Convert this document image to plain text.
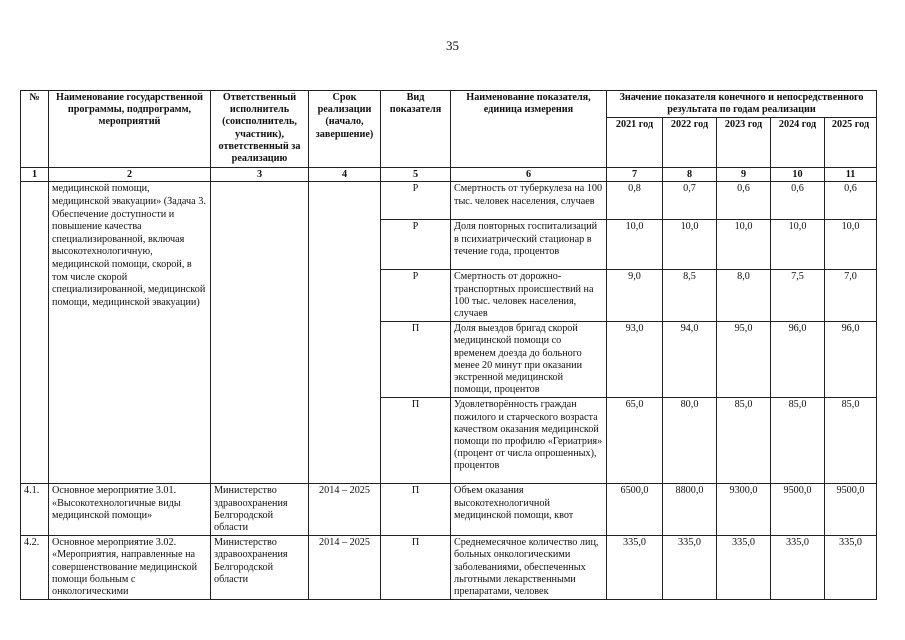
35
№	Наименование государственной программы, подпрограмм, мероприятий	Ответственный исполнитель (соисполнитель, участник), ответственный за реализацию	Срок реализации (начало, завершение)	Вид показателя	Наименование показателя, единица измерения	Значение показателя конечного и непосредственного результата по годам реализации				
						2021 год	2022 год	2023 год	2024 год	2025 год
1	2	3	4	5	6	7	8	9	10	11
	медицинской помощи, медицинской эвакуации» (Задача 3. Обеспечение доступности и повышение качества специализированной, включая высокотехнологичную, медицинской помощи, скорой, в том числе скорой специализированной, медицинской помощи, медицинской эвакуации)			Р	Смертность от туберкулеза на 100 тыс. человек населения, случаев	0,8	0,7	0,6	0,6	0,6
				Р	Доля повторных госпитализаций в психиатрический стационар в течение года, процентов	10,0	10,0	10,0	10,0	10,0
				Р	Смертность от дорожно-транспортных происшествий на 100 тыс. человек населения, случаев	9,0	8,5	8,0	7,5	7,0
				П	Доля выездов бригад скорой медицинской помощи со временем доезда до больного менее 20 минут при оказании экстренной медицинской помощи, процентов	93,0	94,0	95,0	96,0	96,0
				П	Удовлетворённость граждан пожилого и старческого возраста качеством оказания медицинской помощи по профилю «Гериатрия» (процент от числа опрошенных), процентов	65,0	80,0	85,0	85,0	85,0
4.1.	Основное мероприятие 3.01. «Высокотехнологичные виды медицинской помощи»	Министерство здравоохранения Белгородской области	2014 – 2025	П	Объем оказания высокотехнологичной медицинской помощи, квот	6500,0	8800,0	9300,0	9500,0	9500,0
4.2.	Основное мероприятие 3.02. «Мероприятия, направленные на совершенствование медицинской помощи больным с онкологическими	Министерство здравоохранения Белгородской области	2014 – 2025	П	Среднемесячное количество лиц, больных онкологическими заболеваниями, обеспеченных льготными лекарственными препаратами, человек	335,0	335,0	335,0	335,0	335,0
